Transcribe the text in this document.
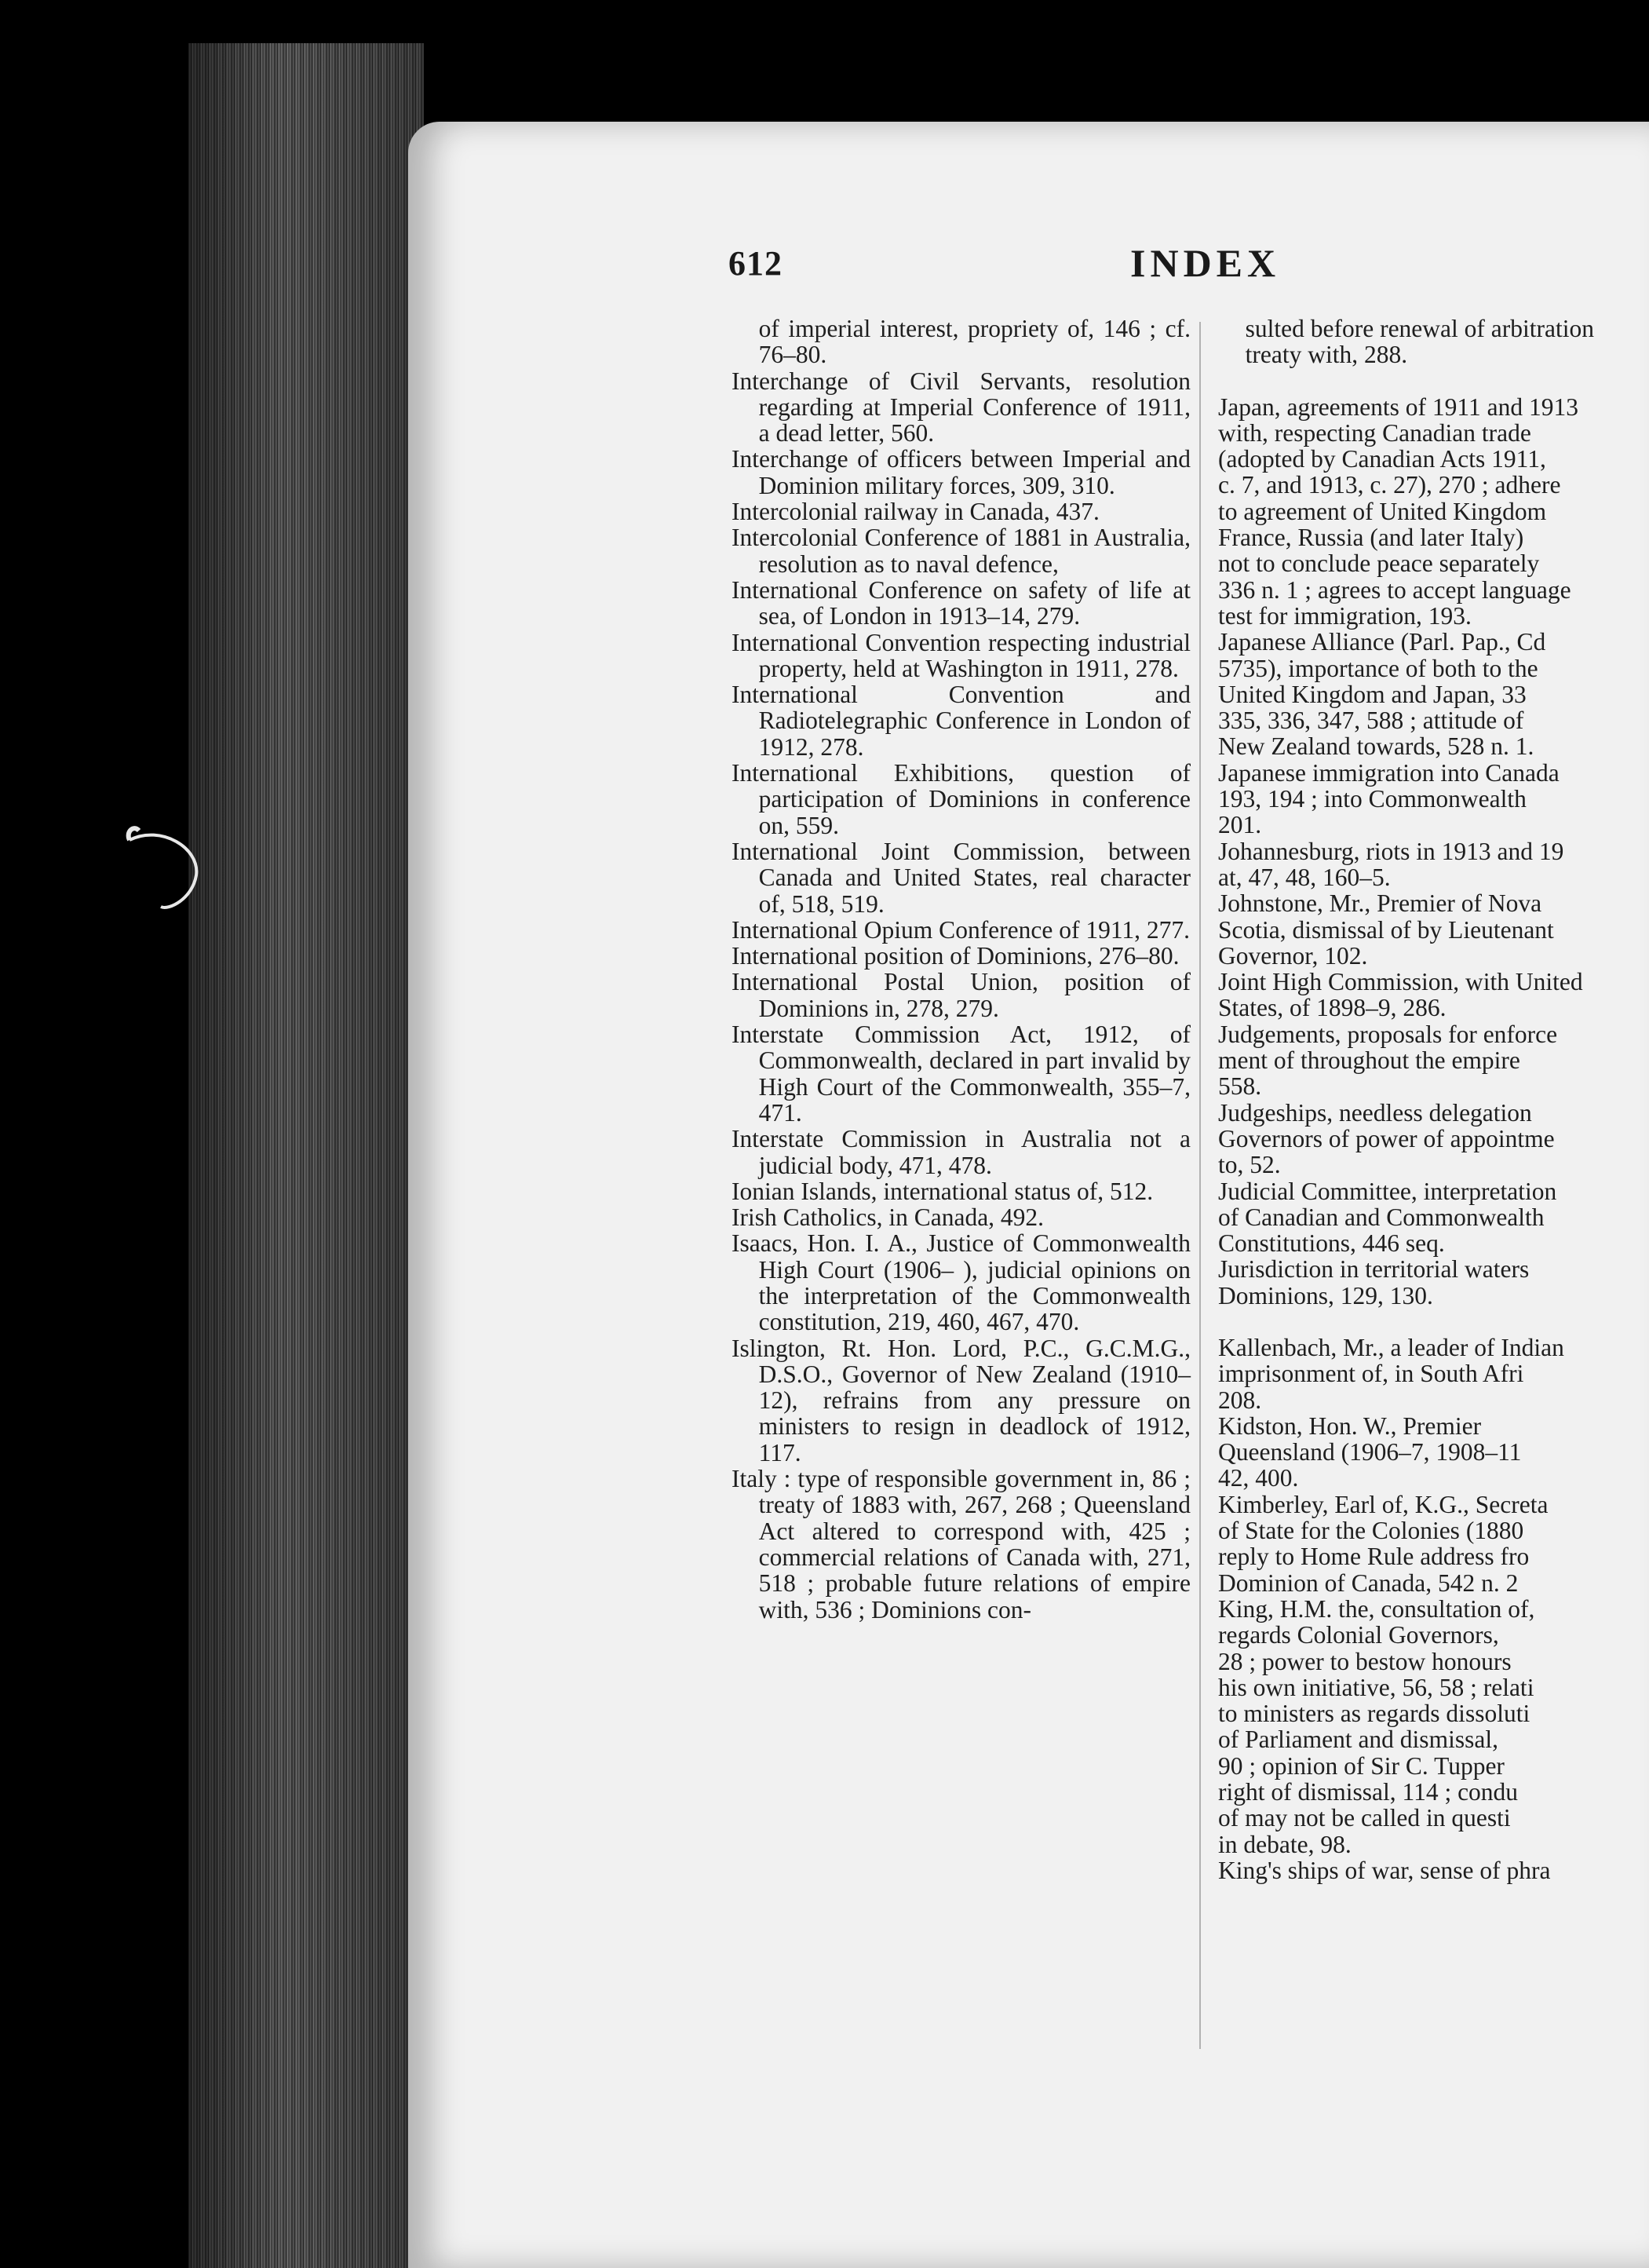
612	INDEX

of imperial interest, propriety of, 146 ; cf. 76–80.

Interchange of Civil Servants, resolution regarding at Imperial Conference of 1911, a dead letter, 560.

Interchange of officers between Imperial and Dominion military forces, 309, 310.

Intercolonial railway in Canada, 437.

Intercolonial Conference of 1881 in Australia, resolution as to naval defence,

International Conference on safety of life at sea, of London in 1913–14, 279.

International Convention respecting industrial property, held at Washington in 1911, 278.

International Convention and Radiotelegraphic Conference in London of 1912, 278.

International Exhibitions, question of participation of Dominions in conference on, 559.

International Joint Commission, between Canada and United States, real character of, 518, 519.

International Opium Conference of 1911, 277.

International position of Dominions, 276–80.

International Postal Union, position of Dominions in, 278, 279.

Interstate Commission Act, 1912, of Commonwealth, declared in part invalid by High Court of the Commonwealth, 355–7, 471.

Interstate Commission in Australia not a judicial body, 471, 478.

Ionian Islands, international status of, 512.

Irish Catholics, in Canada, 492.

Isaacs, Hon. I. A., Justice of Commonwealth High Court (1906– ), judicial opinions on the interpretation of the Commonwealth constitution, 219, 460, 467, 470.

Islington, Rt. Hon. Lord, P.C., G.C.M.G., D.S.O., Governor of New Zealand (1910–12), refrains from any pressure on ministers to resign in deadlock of 1912, 117.

Italy : type of responsible government in, 86 ; treaty of 1883 with, 267, 268 ; Queensland Act altered to correspond with, 425 ; commercial relations of Canada with, 271, 518 ; probable future relations of empire with, 536 ; Dominions con-

sulted before renewal of arbitration
treaty with, 288.

Japan, agreements of 1911 and 1913
with, respecting Canadian trade
(adopted by Canadian Acts 1911,
c. 7, and 1913, c. 27), 270 ; adhere
to agreement of United Kingdom
France, Russia (and later Italy)
not to conclude peace separately
336 n. 1 ; agrees to accept language
test for immigration, 193.

Japanese Alliance (Parl. Pap., Cd
5735), importance of both to the
United Kingdom and Japan, 33
335, 336, 347, 588 ; attitude of
New Zealand towards, 528 n. 1.

Japanese immigration into Canada
193, 194 ; into Commonwealth
201.

Johannesburg, riots in 1913 and 19
at, 47, 48, 160–5.

Johnstone, Mr., Premier of Nova
Scotia, dismissal of by Lieutenant
Governor, 102.

Joint High Commission, with United
States, of 1898–9, 286.

Judgements, proposals for enforce
ment of throughout the empire
558.

Judgeships, needless delegation
Governors of power of appointme
to, 52.

Judicial Committee, interpretation
of Canadian and Commonwealth
Constitutions, 446 seq.

Jurisdiction in territorial waters
Dominions, 129, 130.

Kallenbach, Mr., a leader of Indian
imprisonment of, in South Afri
208.

Kidston, Hon. W., Premier
Queensland (1906–7, 1908–11
42, 400.

Kimberley, Earl of, K.G., Secreta
of State for the Colonies (1880
reply to Home Rule address fro
Dominion of Canada, 542 n. 2

King, H.M. the, consultation of,
regards Colonial Governors,
28 ; power to bestow honours
his own initiative, 56, 58 ; relati
to ministers as regards dissoluti
of Parliament and dismissal,
90 ; opinion of Sir C. Tupper
right of dismissal, 114 ; condu
of may not be called in questi
in debate, 98.

King's ships of war, sense of phra
